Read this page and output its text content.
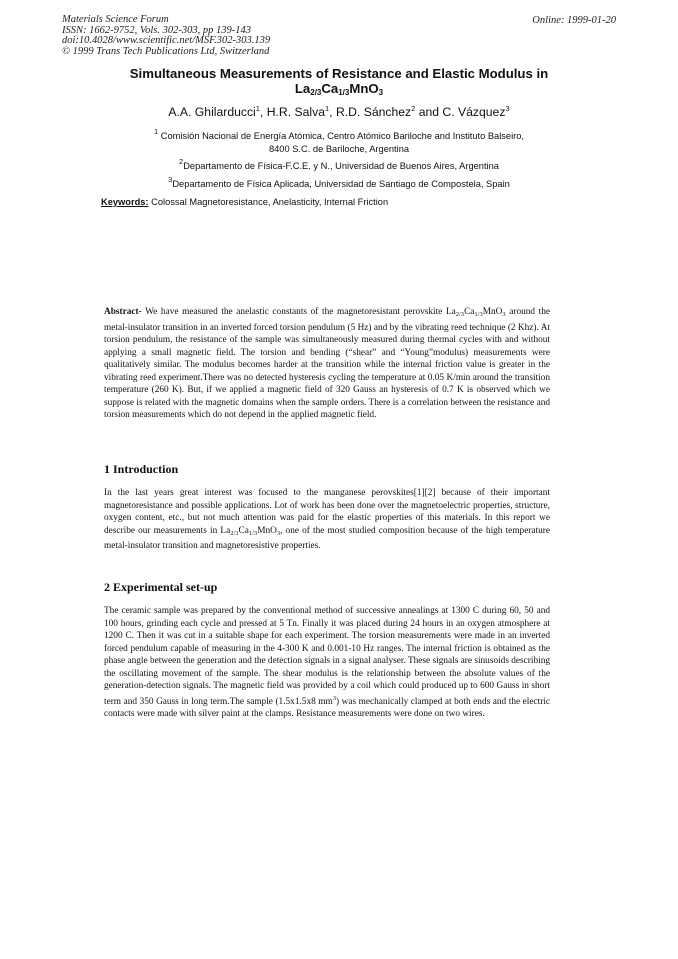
Materials Science Forum
ISSN: 1662-9752, Vols. 302-303, pp 139-143
doi:10.4028/www.scientific.net/MSF.302-303.139
© 1999 Trans Tech Publications Ltd, Switzerland
Online: 1999-01-20
Simultaneous Measurements of Resistance and Elastic Modulus in
$La_{2/3}Ca_{1/3}MnO_3$
A.A. Ghilarducci$^1$, H.R. Salva$^1$, R.D. Sánchez$^2$ and C. Vázquez$^3$
$^1$ Comisión Nacional de Energía Atómica, Centro Atómico Bariloche and Instituto Balseiro,
8400 S.C. de Bariloche, Argentina
$^2$Departamento de Física-F.C.E. y N., Universidad de Buenos Aires, Argentina
$^3$Departamento de Física Aplicada, Universidad de Santiago de Compostela, Spain
Keywords: Colossal Magnetoresistance, Anelasticity, Internal Friction
Abstract- We have measured the anelastic constants of the magnetoresistant perovskite $La_{2/3}Ca_{1/3}MnO_3$ around the metal-insulator transition in an inverted forced torsion pendulum (5 Hz) and by the vibrating reed technique (2 Khz). At torsion pendulum, the resistance of the sample was simultaneously measured during thermal cycles with and without applying a small magnetic field. The torsion and bending (“shear” and “Young”modulus) measurements were qualitatively similar. The modulus becomes harder at the transition while the internal friction value is greater in the vibrating reed experiment.There was no detected hysteresis cycling the temperature at 0.05 K/min around the transition temperature (260 K). But, if we applied a magnetic field of 320 Gauss an hysteresis of 0.7 K is observed which we suppose is related with the magnetic domains when the sample orders. There is a correlation between the resistance and torsion measurements which do not depend in the applied magnetic field.
1 Introduction
In the last years great interest was focused to the manganese perovskites[1][2] because of their important magnetoresistance and possible applications. Lot of work has been done over the magnetoelectric properties, structure, oxygen content, etc., but not much attention was paid for the elastic properties of this materials. In this report we describe our measurements in $La_{2/3}Ca_{1/3}MnO_3$, one of the most studied composition because of the high temperature metal-insulator transition and magnetoresistive properties.
2 Experimental set-up
The ceramic sample was prepared by the conventional method of successive annealings at 1300 C during 60, 50 and 100 hours, grinding each cycle and pressed at 5 Tn. Finally it was placed during 24 hours in an oxygen atmosphere at 1200 C. Then it was cut in a suitable shape for each experiment. The torsion measurements were made in an inverted forced pendulum capable of measuring in the 4-300 K and 0.001-10 Hz ranges. The internal friction is obtained as the phase angle between the generation and the detection signals in a signal analyser. These signals are sinusoids describing the oscillating movement of the sample. The shear modulus is the relationship between the absolute values of the generation-detection signals. The magnetic field was provided by a coil which could produced up to 600 Gauss in short term and 350 Gauss in long term.The sample (1.5x1.5x8 $mm^3$) was mechanically clamped at both ends and the electric contacts were made with silver paint at the clamps. Resistance measurements were done on two wires.
